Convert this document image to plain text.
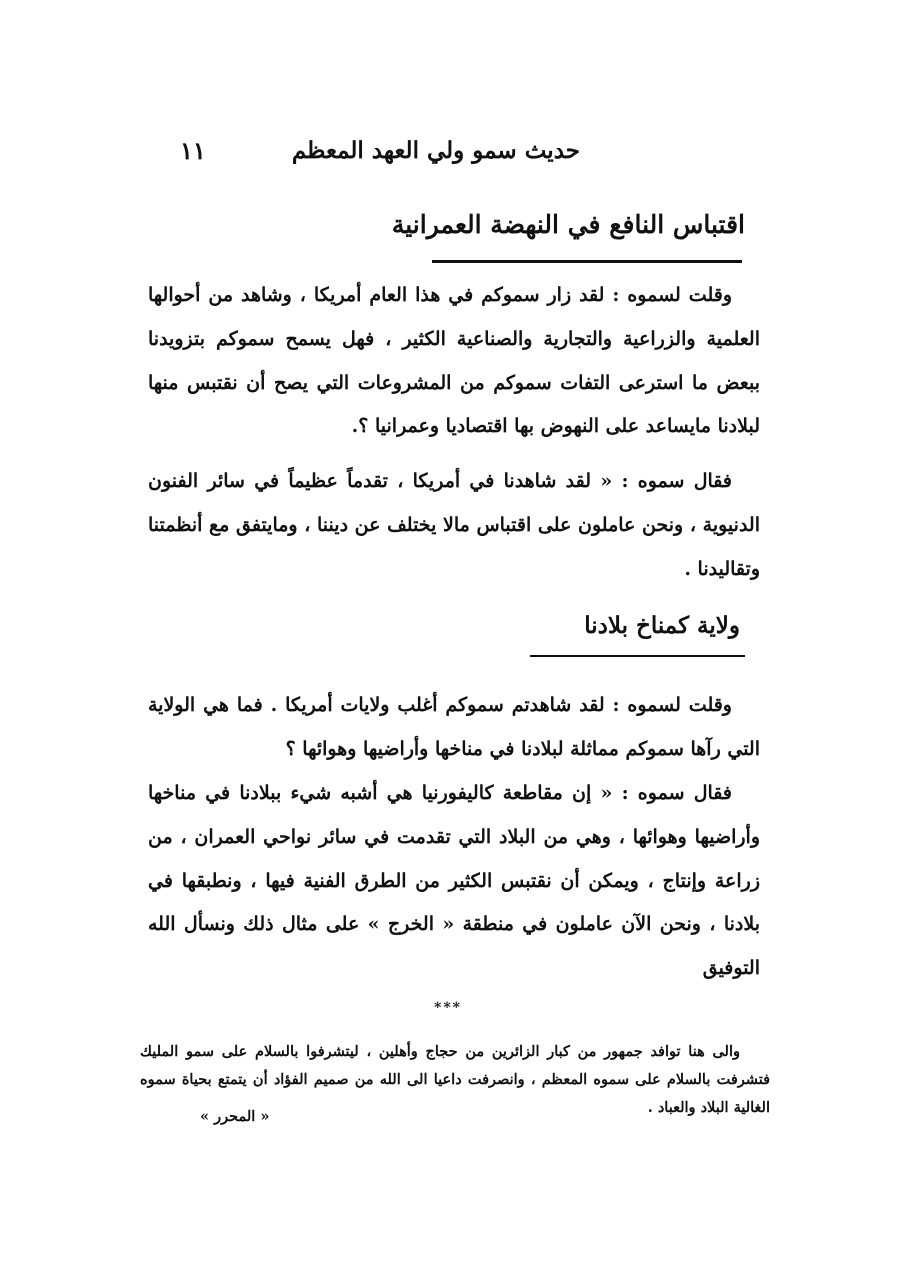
حديث سمو ولي العهد المعظم
١١
اقتباس النافع في النهضة العمرانية

وقلت لسموه : لقد زار سموكم في هذا العام أمريكا ، وشاهد من أحوالها العلمية والزراعية والتجارية والصناعية الكثير ، فهل يسمح سموكم بتزويدنا ببعض ما استرعى التفات سموكم من المشروعات التي يصح أن نقتبس منها لبلادنا مايساعد على النهوض بها اقتصاديا وعمرانيا ؟.

فقال سموه : « لقد شاهدنا في أمريكا ، تقدماً عظيماً في سائر الفنون الدنيوية ، ونحن عاملون على اقتباس مالا يختلف عن ديننا ، ومايتفق مع أنظمتنا وتقاليدنا .

ولاية كمناخ بلادنا

وقلت لسموه : لقد شاهدتم سموكم أغلب ولايات أمريكا . فما هي الولاية التي رآها سموكم مماثلة لبلادنا في مناخها وأراضيها وهوائها ؟

فقال سموه : « إن مقاطعة كاليفورنيا هي أشبه شيء ببلادنا في مناخها وأراضيها وهوائها ، وهي من البلاد التي تقدمت في سائر نواحي العمران ، من زراعة وإنتاج ، ويمكن أن نقتبس الكثير من الطرق الفنية فيها ، ونطبقها في بلادنا ، ونحن الآن عاملون في منطقة « الخرج » على مثال ذلك ونسأل الله التوفيق

***

والى هنا توافد جمهور من كبار الزائرين من حجاج وأهلين ، ليتشرفوا بالسلام على سمو المليك فتشرفت بالسلام على سموه المعظم ، وانصرفت داعيا الى الله من صميم الفؤاد أن يتمتع بحياة سموه الغالية البلاد والعباد .

« المحرر »
